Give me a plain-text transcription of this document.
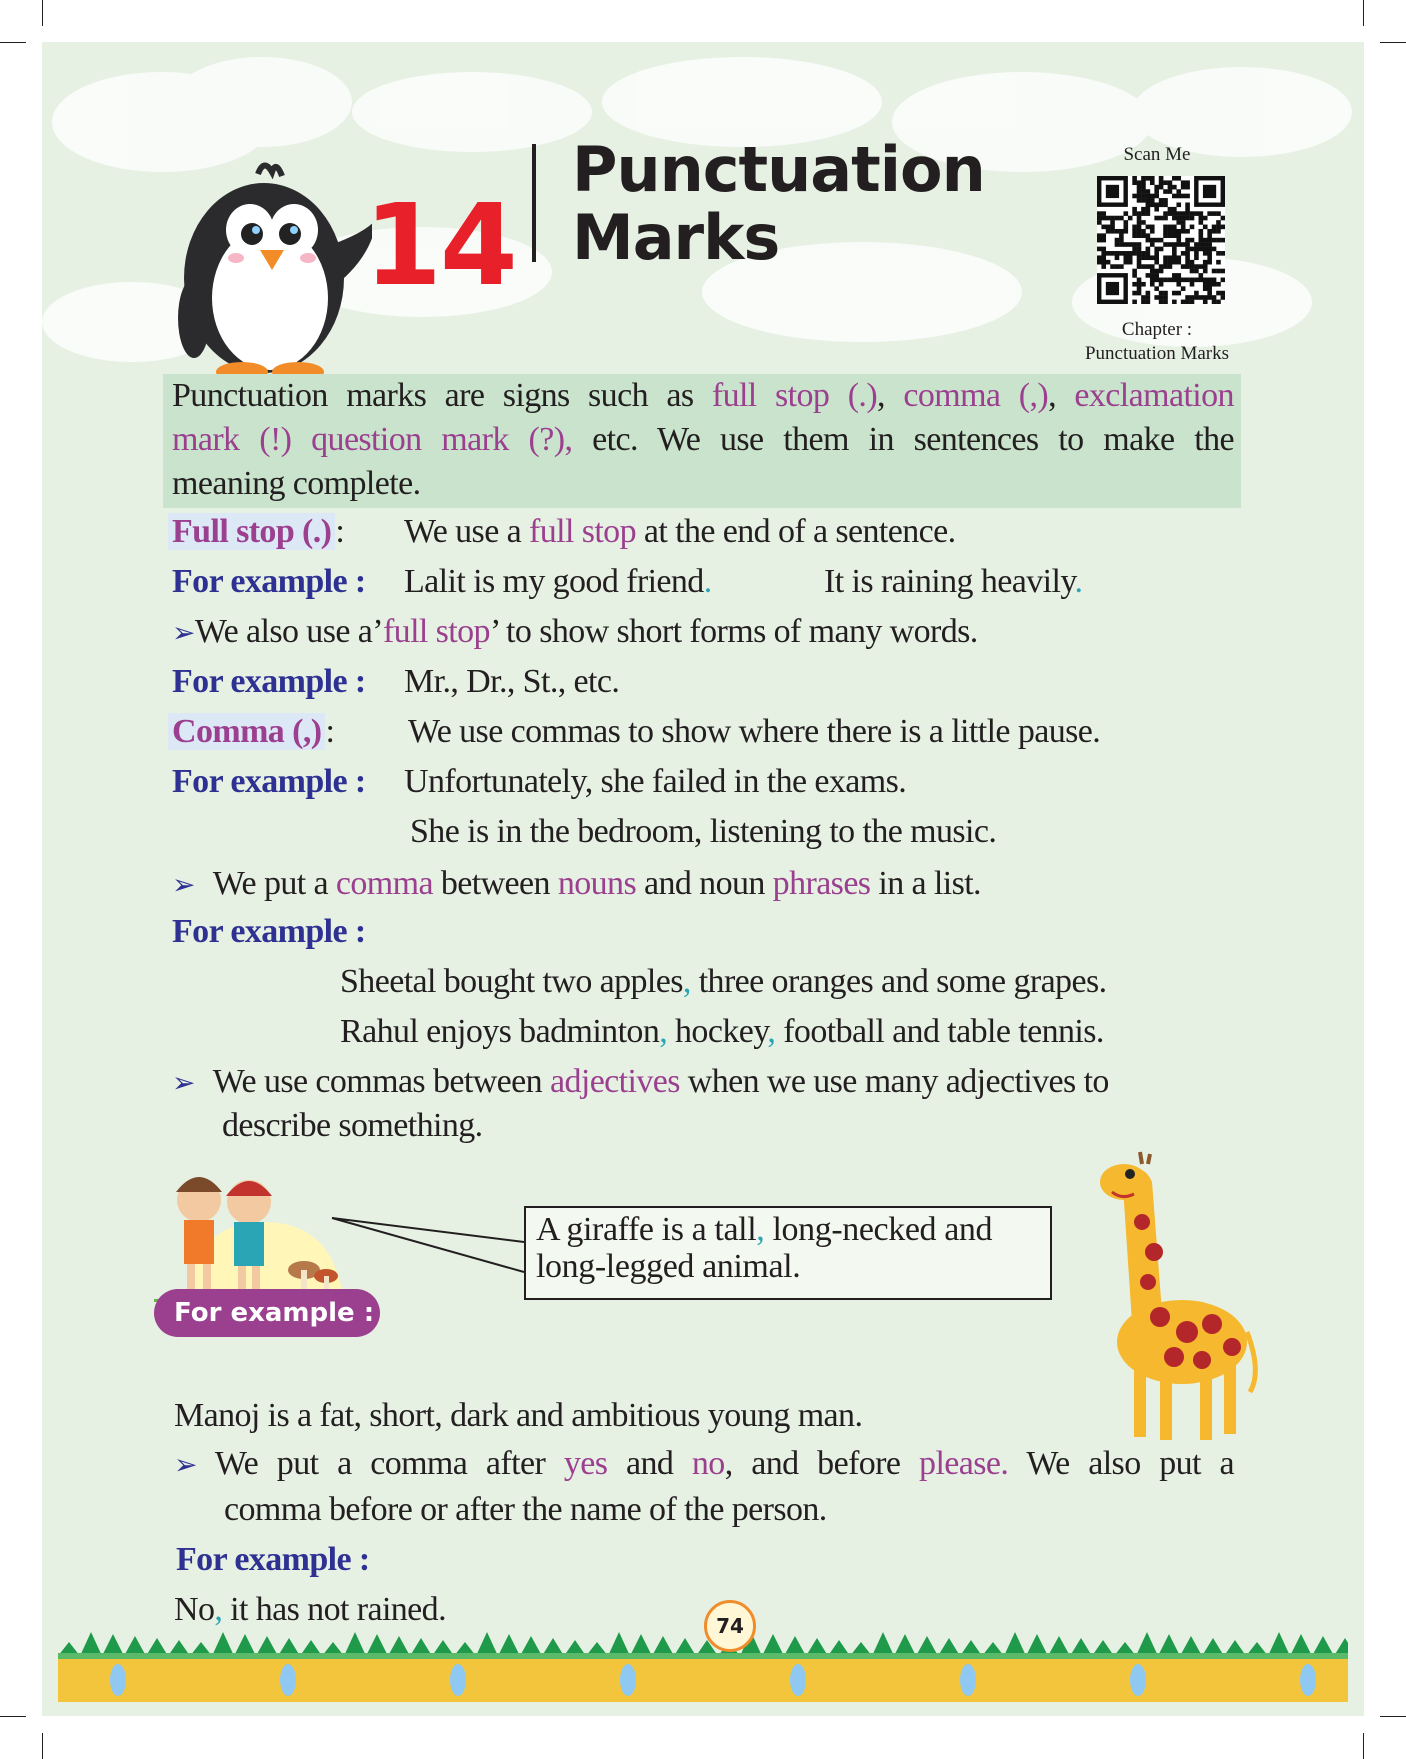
14
Punctuation
Marks
Scan Me
Chapter :
Punctuation Marks
Punctuation marks are signs such as full stop (.), comma (,), exclamation
mark (!) question mark (?), etc. We use them in sentences to make the
meaning complete.
Full stop (.) : We use a full stop at the end of a sentence.
For example : Lalit is my good friend.	It is raining heavily.
➢We also use a’full stop’ to show short forms of many words.
For example : Mr., Dr., St., etc.
Comma (,) : We use commas to show where there is a little pause.
For example : Unfortunately, she failed in the exams.
She is in the bedroom, listening to the music.
➢ We put a comma between nouns and noun phrases in a list.
For example :
Sheetal bought two apples, three oranges and some grapes.
Rahul enjoys badminton, hockey, football and table tennis.
➢ We use commas between adjectives when we use many adjectives to
describe something.
For example :
A giraffe is a tall, long-necked and
long-legged animal.
Manoj is a fat, short, dark and ambitious young man.
➢ We put a comma after yes and no, and before please. We also put a
comma before or after the name of the person.
For example :
No, it has not rained.	74
